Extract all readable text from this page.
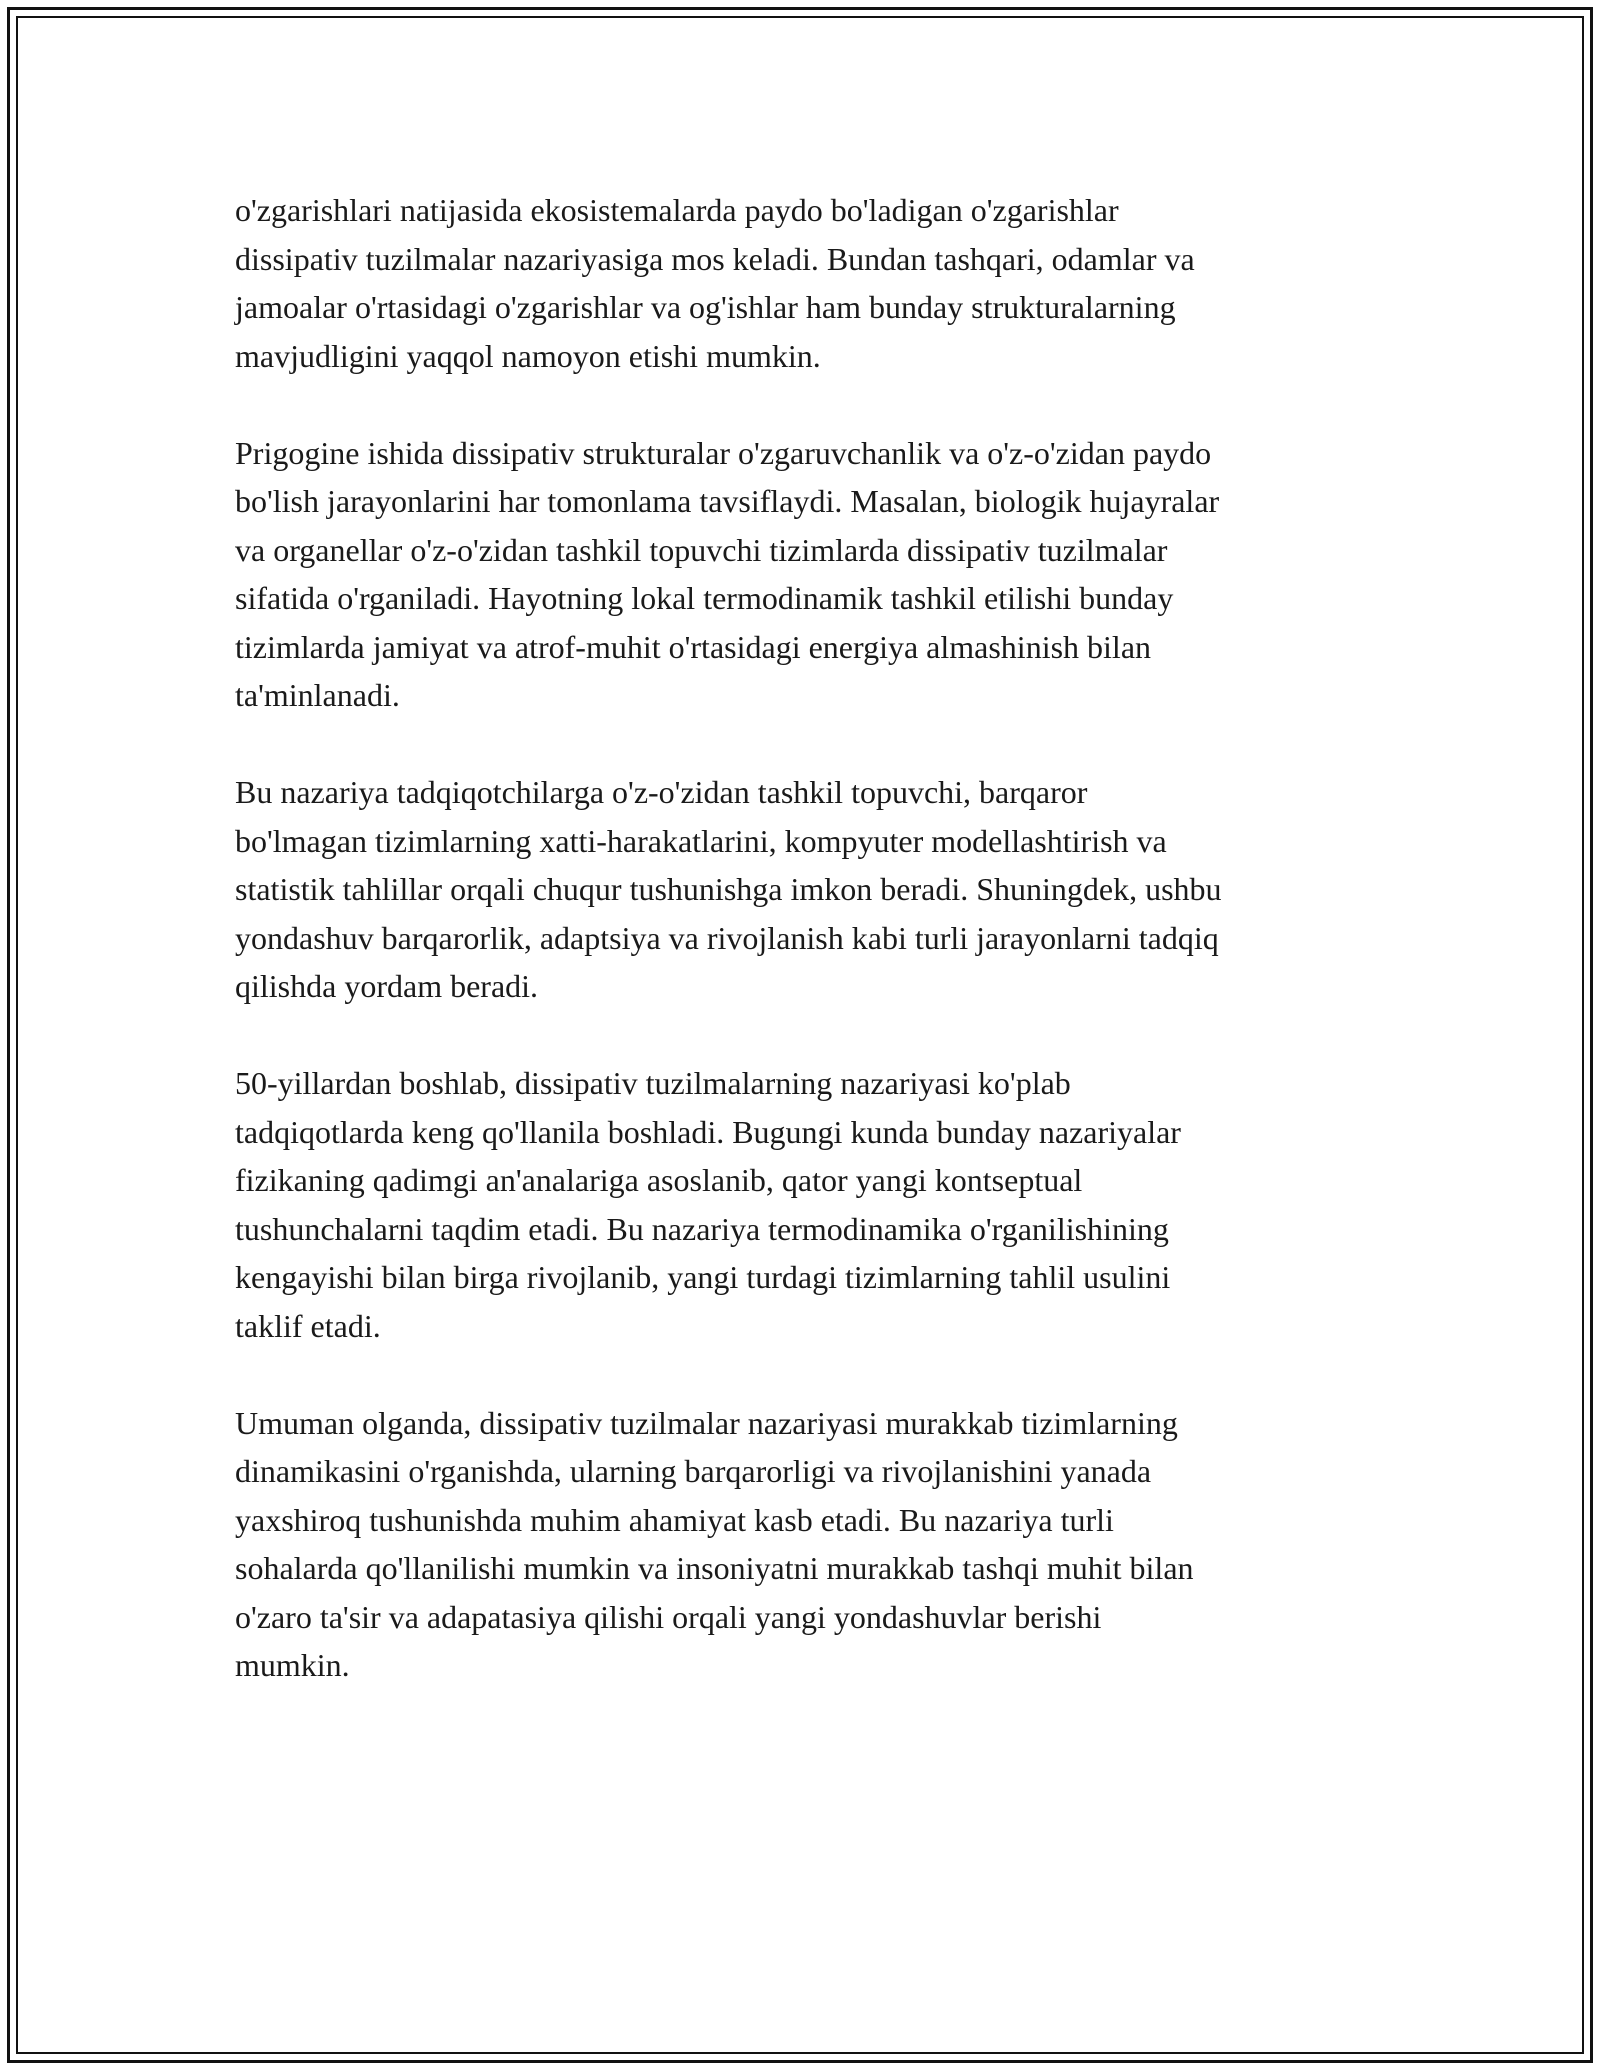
o'zgarishlari natijasida ekosistemalarda paydo bo'ladigan o'zgarishlar
dissipativ tuzilmalar nazariyasiga mos keladi. Bundan tashqari, odamlar va
jamoalar o'rtasidagi o'zgarishlar va og'ishlar ham bunday strukturalarning
mavjudligini yaqqol namoyon etishi mumkin.

Prigogine ishida dissipativ strukturalar o'zgaruvchanlik va o'z-o'zidan paydo
bo'lish jarayonlarini har tomonlama tavsiflaydi. Masalan, biologik hujayralar
va organellar o'z-o'zidan tashkil topuvchi tizimlarda dissipativ tuzilmalar
sifatida o'rganiladi. Hayotning lokal termodinamik tashkil etilishi bunday
tizimlarda jamiyat va atrof-muhit o'rtasidagi energiya almashinish bilan
ta'minlanadi.

Bu nazariya tadqiqotchilarga o'z-o'zidan tashkil topuvchi, barqaror
bo'lmagan tizimlarning xatti-harakatlarini, kompyuter modellashtirish va
statistik tahlillar orqali chuqur tushunishga imkon beradi. Shuningdek, ushbu
yondashuv barqarorlik, adaptsiya va rivojlanish kabi turli jarayonlarni tadqiq
qilishda yordam beradi.

50-yillardan boshlab, dissipativ tuzilmalarning nazariyasi ko'plab
tadqiqotlarda keng qo'llanila boshladi. Bugungi kunda bunday nazariyalar
fizikaning qadimgi an'analariga asoslanib, qator yangi kontseptual
tushunchalarni taqdim etadi. Bu nazariya termodinamika o'rganilishining
kengayishi bilan birga rivojlanib, yangi turdagi tizimlarning tahlil usulini
taklif etadi.

Umuman olganda, dissipativ tuzilmalar nazariyasi murakkab tizimlarning
dinamikasini o'rganishda, ularning barqarorligi va rivojlanishini yanada
yaxshiroq tushunishda muhim ahamiyat kasb etadi. Bu nazariya turli
sohalarda qo'llanilishi mumkin va insoniyatni murakkab tashqi muhit bilan
o'zaro ta'sir va adapatasiya qilishi orqali yangi yondashuvlar berishi
mumkin.
